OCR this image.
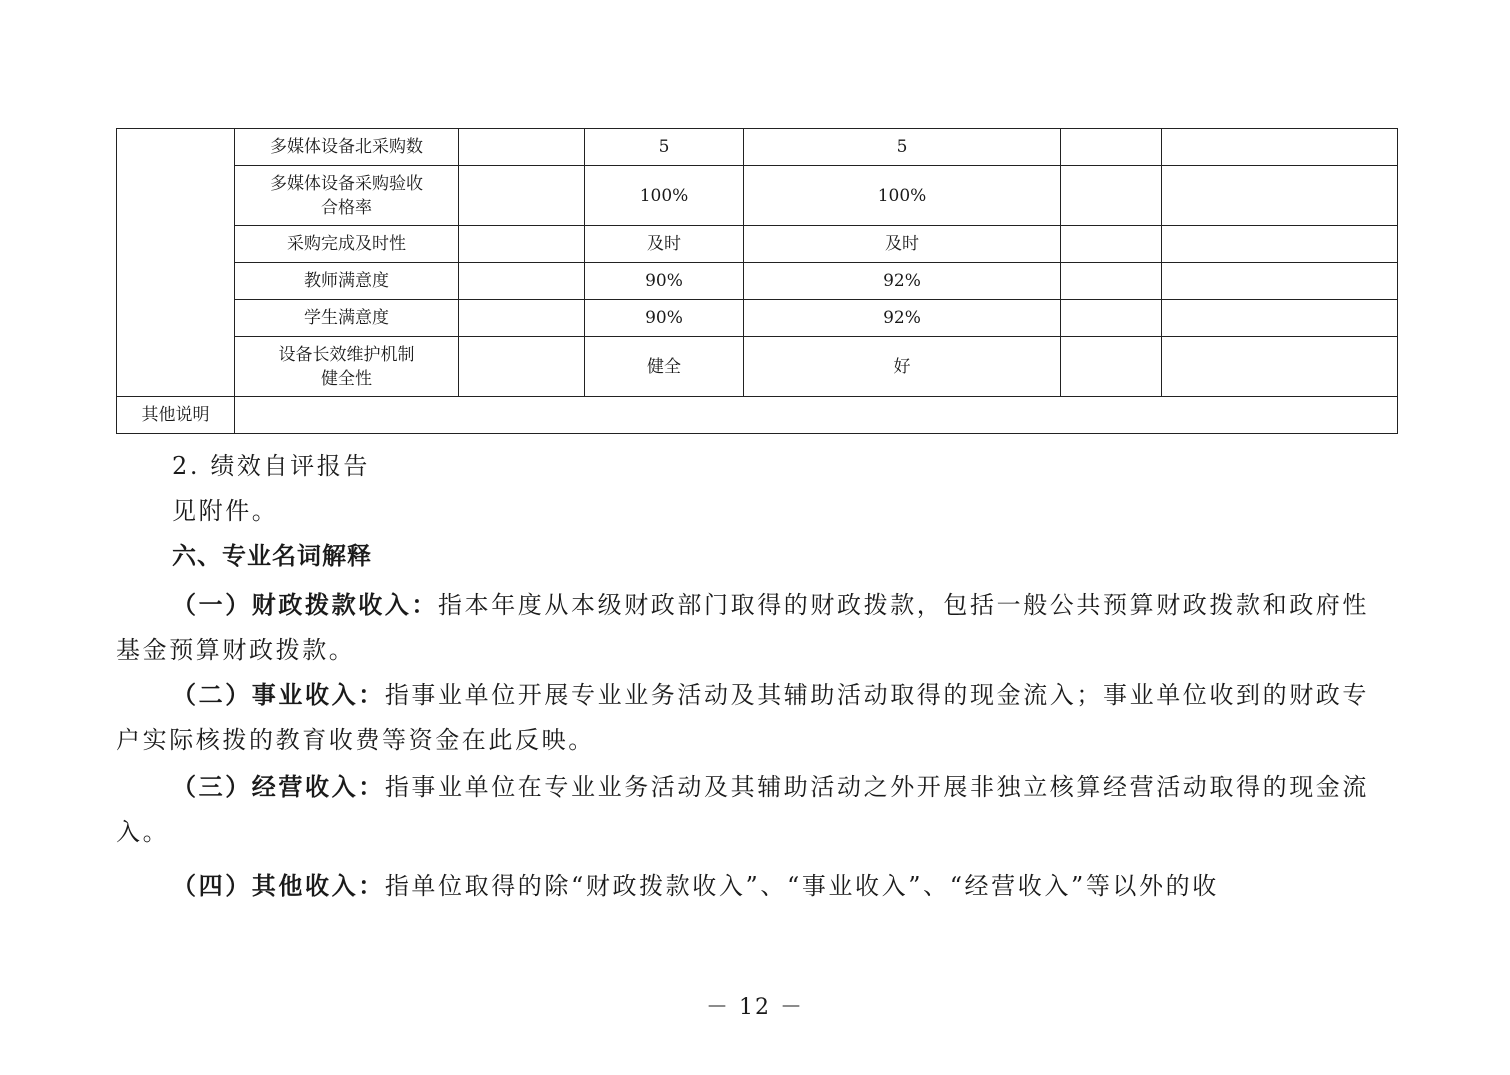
	多媒体设备北采购数		5	5		

	多媒体设备采购验收
合格率		100%	100%		
	采购完成及时性		及时	及时		
	教师满意度		90%	92%		
	学生满意度		90%	92%		

	设备长效维护机制
健全性		健全	好		
其他说明						

2. 绩效自评报告

见附件。

六、专业名词解释

（一）财政拨款收入：指本年度从本级财政部门取得的财政拨款，包括一般公共预算财政拨款和政府性基金预算财政拨款。

（二）事业收入：指事业单位开展专业业务活动及其辅助活动取得的现金流入；事业单位收到的财政专户实际核拨的教育收费等资金在此反映。

（三）经营收入：指事业单位在专业业务活动及其辅助活动之外开展非独立核算经营活动取得的现金流入。

（四）其他收入：指单位取得的除“财政拨款收入”、“事业收入”、“经营收入”等以外的收

－ 12 －
